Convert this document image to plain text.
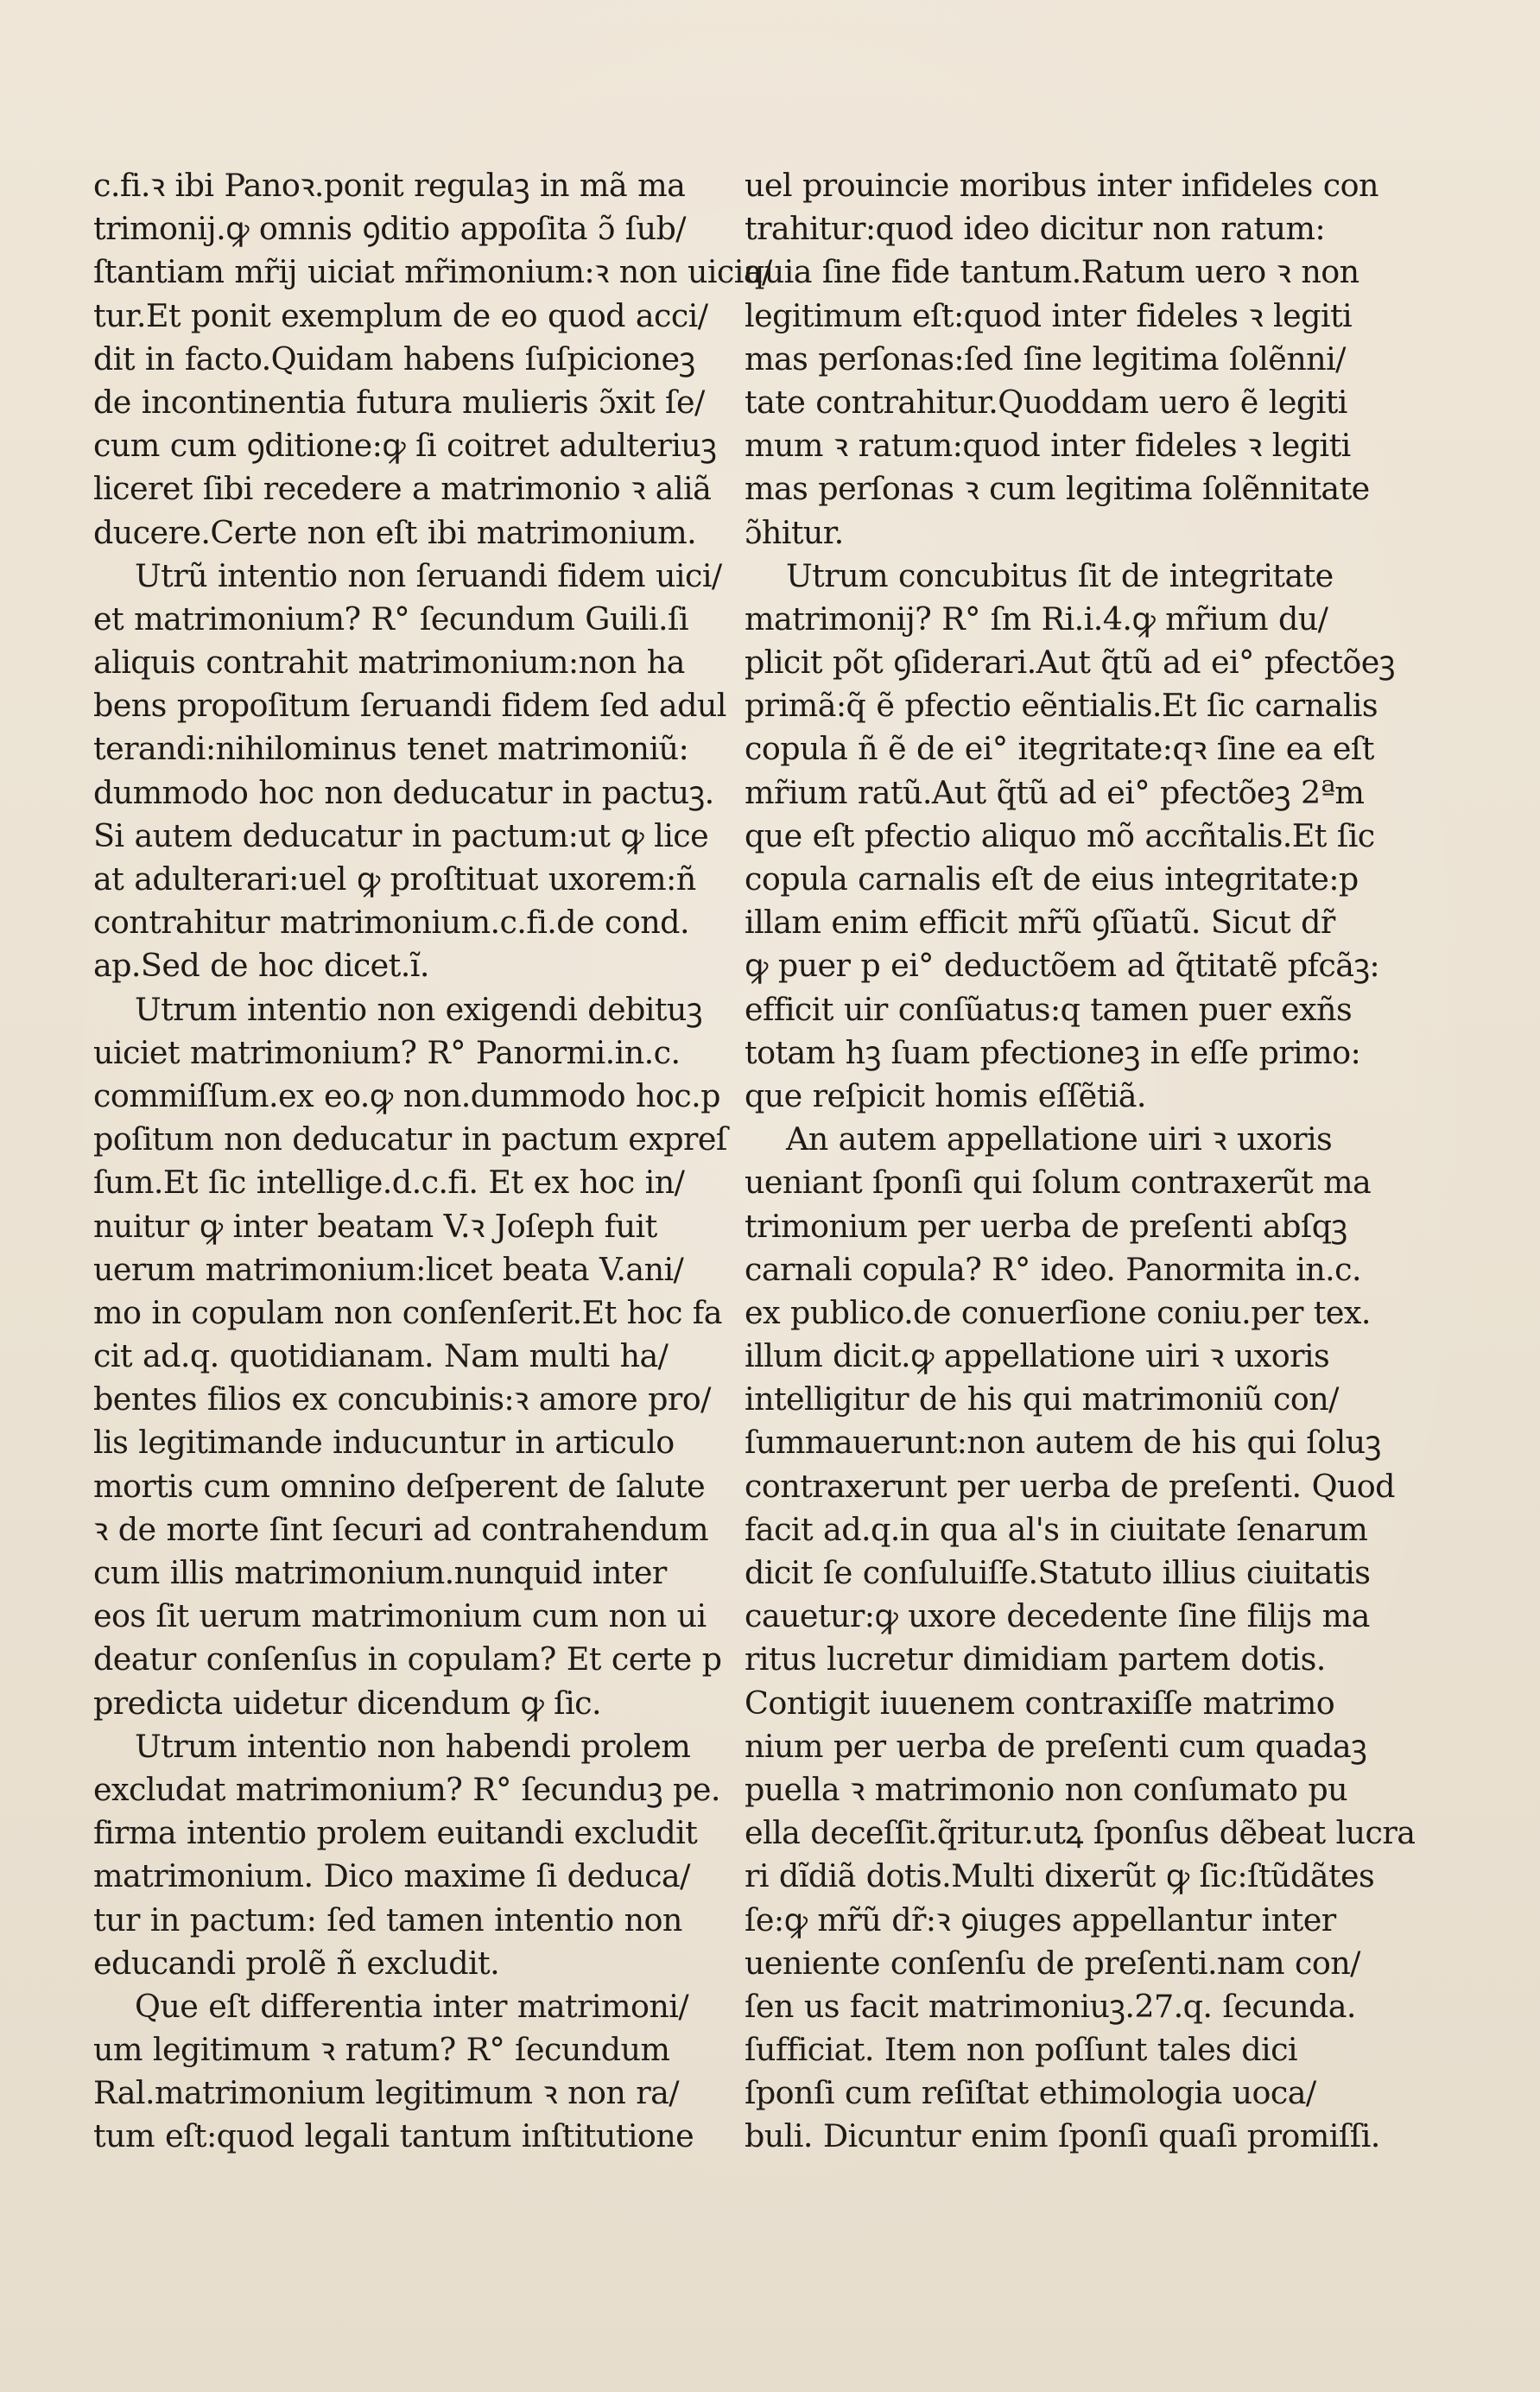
c.fi.ꝛ ibi Panoꝛ.ponit regulaꝫ in mã ma
trimonij.ꝙ omnis ꝯditio appoſita ɔ̃ ſub/
ſtantiam mr̃ij uiciat mr̃imonium:ꝛ non uicia/
tur.Et ponit exemplum de eo quod acci/
dit in facto.Quidam habens ſuſpicioneꝫ
de incontinentia futura mulieris ɔ̃xit ſe/
cum cum ꝯditione:ꝙ ſi coitret adulteriuꝫ
liceret ſibi recedere a matrimonio ꝛ aliã
ducere.Certe non eſt ibi matrimonium.
Utrũ intentio non ſeruandi fidem uici/
et matrimonium? R° ſecundum Guili.ſi
aliquis contrahit matrimonium:non ha
bens propoſitum ſeruandi fidem ſed adul
terandi:nihilominus tenet matrimoniũ:
dummodo hoc non deducatur in pactuꝫ.
Si autem deducatur in pactum:ut ꝙ lice
at adulterari:uel ꝙ proſtituat uxorem:ñ
contrahitur matrimonium.c.fi.de cond.
ap.Sed de hoc dicet.ĩ.
Utrum intentio non exigendi debituꝫ
uiciet matrimonium? R° Panormi.in.c.
commiſſum.ex eo.ꝙ non.dummodo hoc.p
poſitum non deducatur in pactum expreſ
ſum.Et ſic intellige.d.c.fi. Et ex hoc in/
nuitur ꝙ inter beatam V.ꝛ Joſeph fuit
uerum matrimonium:licet beata V.ani/
mo in copulam non conſenſerit.Et hoc fa
cit ad.q. quotidianam. Nam multi ha/
bentes filios ex concubinis:ꝛ amore pro/
lis legitimande inducuntur in articulo
mortis cum omnino deſperent de ſalute
ꝛ de morte ſint ſecuri ad contrahendum
cum illis matrimonium.nunquid inter
eos ſit uerum matrimonium cum non ui
deatur conſenſus in copulam? Et certe p
predicta uidetur dicendum ꝙ ſic.
Utrum intentio non habendi prolem
excludat matrimonium? R° ſecunduꝫ pe.
firma intentio prolem euitandi excludit
matrimonium. Dico maxime ſi deduca/
tur in pactum: ſed tamen intentio non
educandi prolẽ ñ excludit.
Que eſt differentia inter matrimoni/
um legitimum ꝛ ratum? R° ſecundum
Ral.matrimonium legitimum ꝛ non ra/
tum eſt:quod legali tantum inſtitutione
uel prouincie moribus inter infideles con
trahitur:quod ideo dicitur non ratum:
quia ſine fide tantum.Ratum uero ꝛ non
legitimum eſt:quod inter fideles ꝛ legiti
mas perſonas:ſed ſine legitima ſolẽnni/
tate contrahitur.Quoddam uero ẽ legiti
mum ꝛ ratum:quod inter fideles ꝛ legiti
mas perſonas ꝛ cum legitima ſolẽnnitate
ɔ̃hitur.
Utrum concubitus ſit de integritate
matrimonij? R° ſm Ri.i.4.ꝙ mr̃ium du/
plicit põt ꝯſiderari.Aut q̃tũ ad ei° pfectõeꝫ
primã:q̃ ẽ pfectio eẽntialis.Et ſic carnalis
copula ñ ẽ de ei° itegritate:qꝛ ſine ea eſt
mr̃ium ratũ.Aut q̃tũ ad ei° pfectõeꝫ 2ªm
que eſt pfectio aliquo mõ accñtalis.Et ſic
copula carnalis eſt de eius integritate:p
illam enim efficit mr̃ũ ꝯſũatũ. Sicut dr̃
ꝙ puer p ei° deductõem ad q̃titatẽ pfcãꝫ:
efficit uir conſũatus:q tamen puer exñs
totam hꝫ ſuam pfectioneꝫ in eſſe primo:
que reſpicit homis eſſẽtiã.
An autem appellatione uiri ꝛ uxoris
ueniant ſponſi qui ſolum contraxerũt ma
trimonium per uerba de preſenti abſqꝫ
carnali copula? R° ideo. Panormita in.c.
ex publico.de conuerſione coniu.per tex.
illum dicit.ꝙ appellatione uiri ꝛ uxoris
intelligitur de his qui matrimoniũ con/
ſummauerunt:non autem de his qui ſoluꝫ
contraxerunt per uerba de preſenti. Quod
facit ad.q.in qua al's in ciuitate ſenarum
dicit ſe conſuluiſſe.Statuto illius ciuitatis
cauetur:ꝙ uxore decedente ſine filijs ma
ritus lucretur dimidiam partem dotis.
Contigit iuuenem contraxiſſe matrimo
nium per uerba de preſenti cum quadaꝫ
puella ꝛ matrimonio non conſumato pu
ella deceſſit.q̃ritur.utꝝ ſponſus dẽbeat lucra
ri dĩdiã dotis.Multi dixerũt ꝙ ſic:ſtũdãtes
ſe:ꝙ mr̃ũ dr̃:ꝛ ꝯiuges appellantur inter
ueniente conſenſu de preſenti.nam con/
ſen us facit matrimoniuꝫ.27.q. ſecunda.
ſufficiat. Item non poſſunt tales dici
ſponſi cum reſiſtat ethimologia uoca/
buli. Dicuntur enim ſponſi quaſi promiſſi.
